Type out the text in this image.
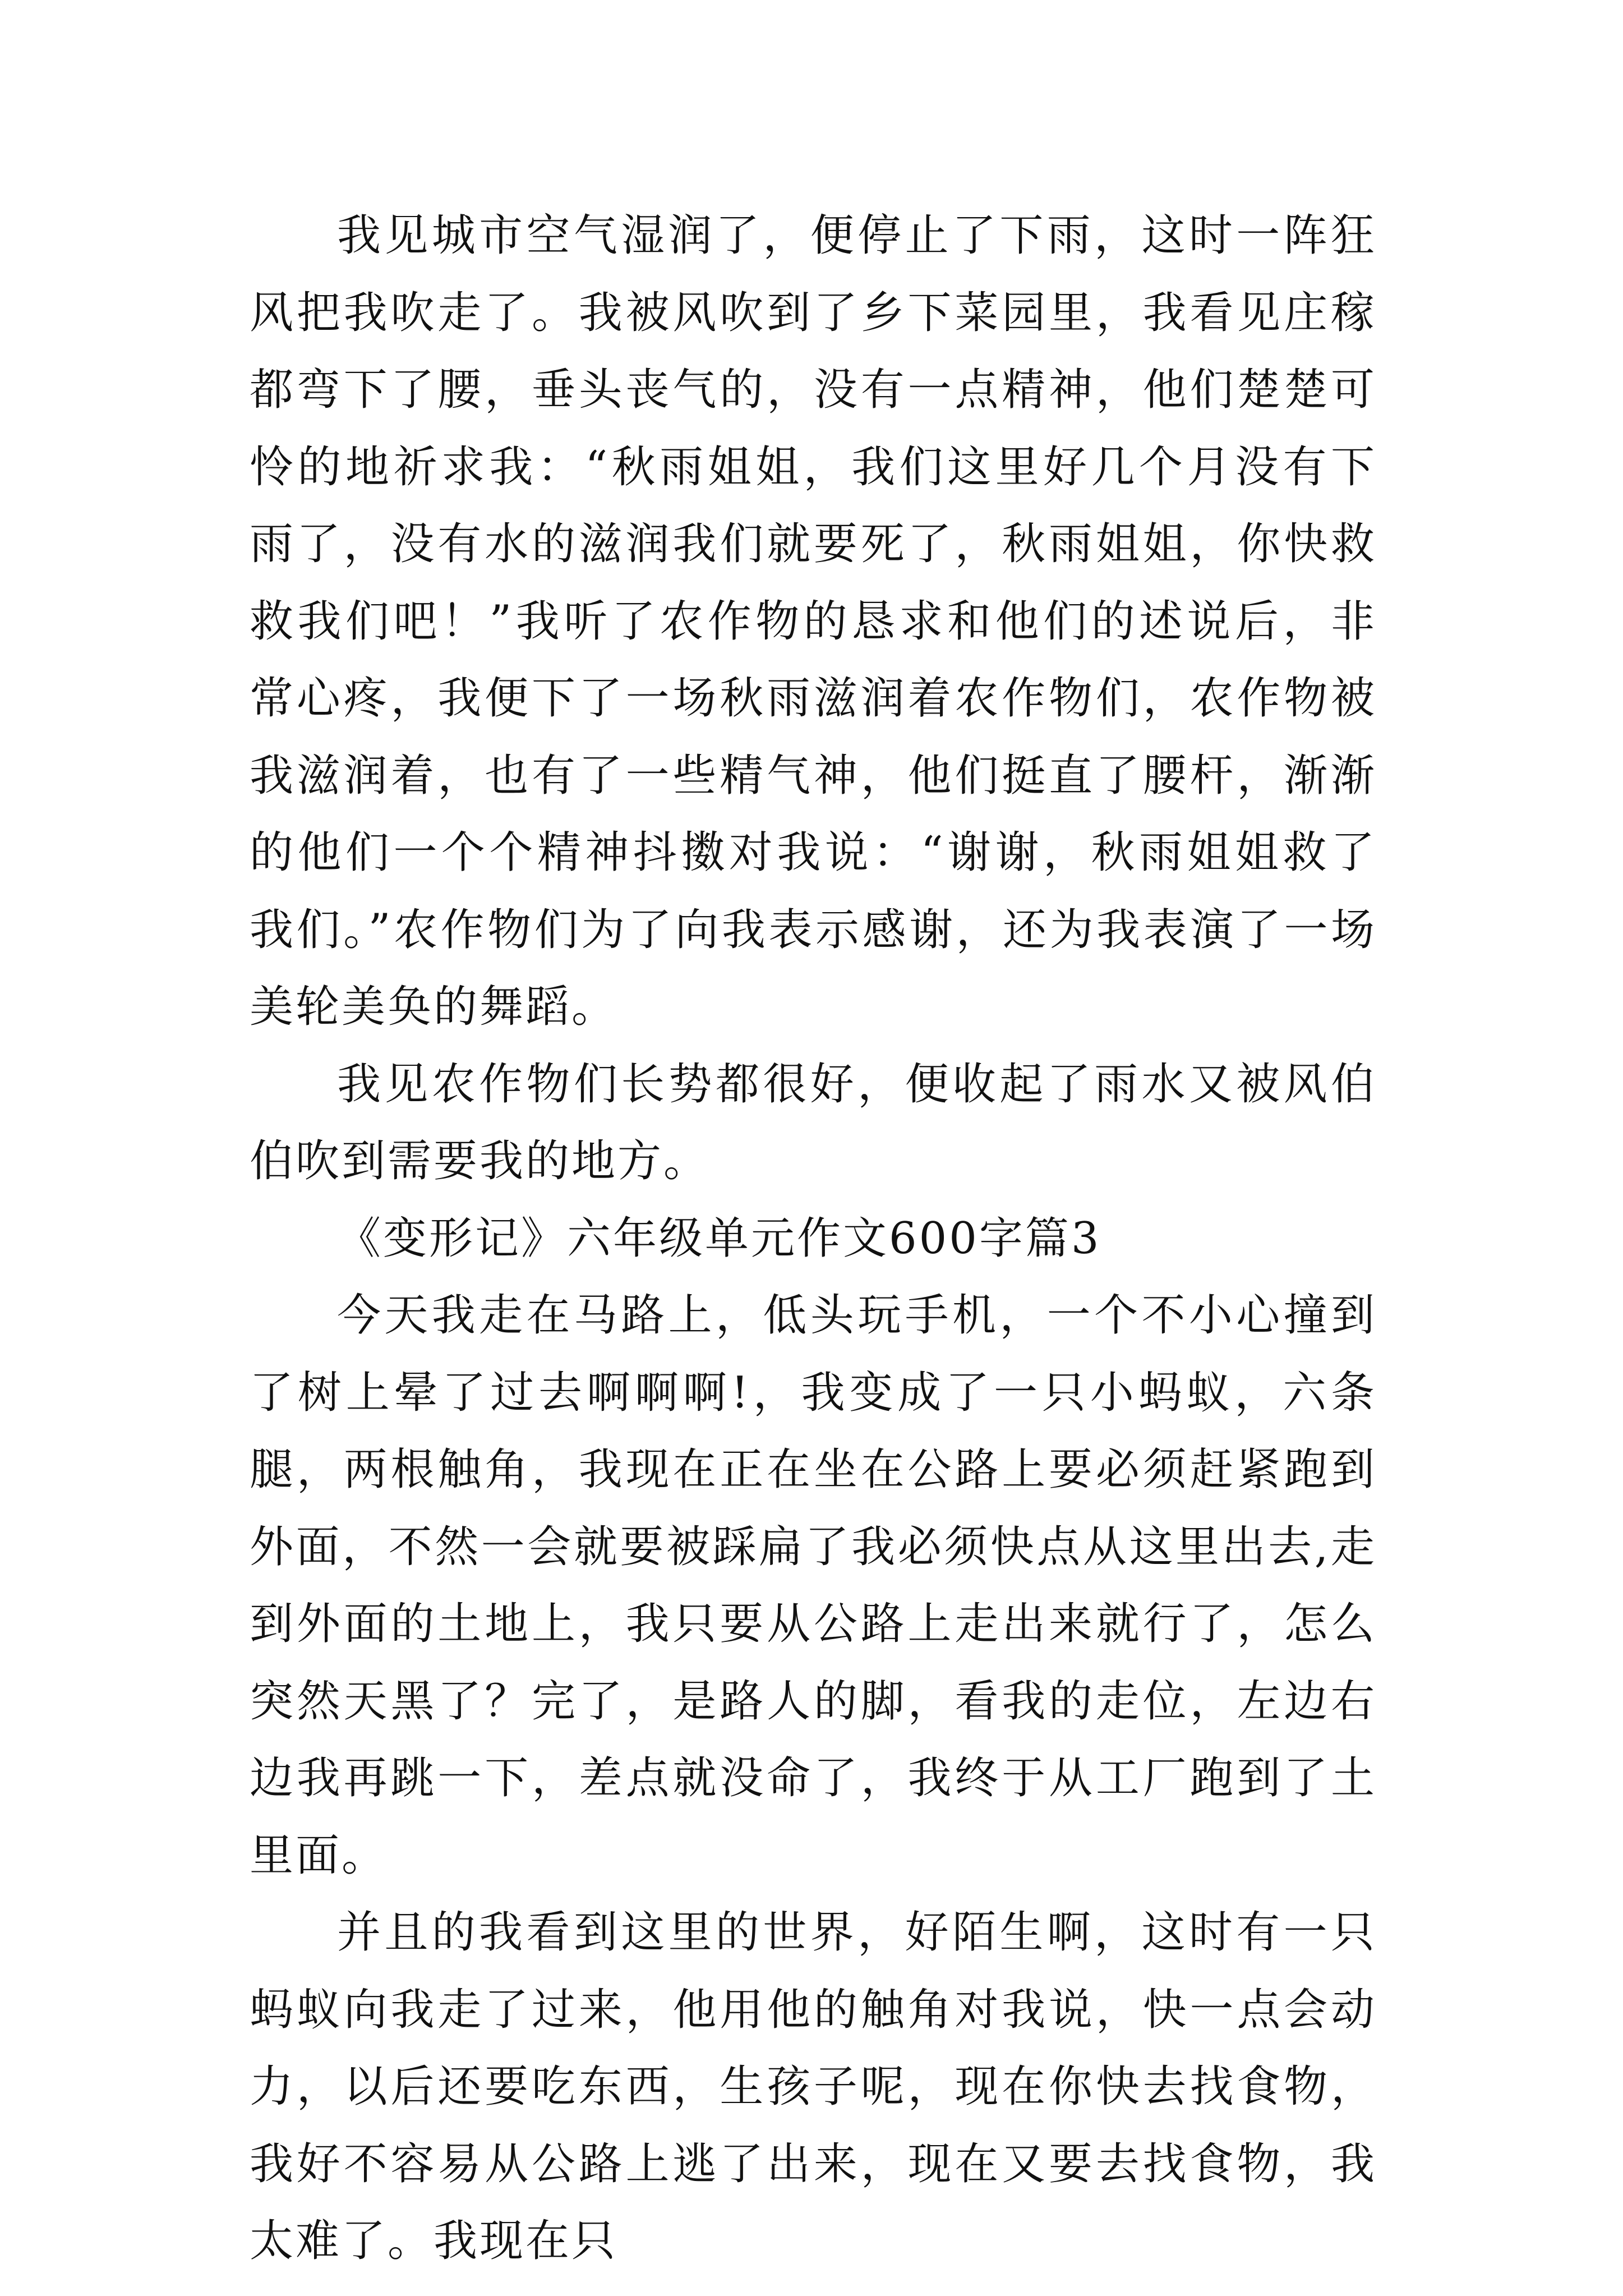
我见城市空气湿润了，便停止了下雨，这时一阵狂风把我吹走了。我被风吹到了乡下菜园里，我看见庄稼都弯下了腰，垂头丧气的，没有一点精神，他们楚楚可怜的地祈求我：“秋雨姐姐，我们这里好几个月没有下雨了，没有水的滋润我们就要死了，秋雨姐姐，你快救救我们吧！”我听了农作物的恳求和他们的述说后，非常心疼，我便下了一场秋雨滋润着农作物们，农作物被我滋润着，也有了一些精气神，他们挺直了腰杆，渐渐的他们一个个精神抖擞对我说：“谢谢，秋雨姐姐救了我们。”农作物们为了向我表示感谢，还为我表演了一场美轮美奂的舞蹈。

我见农作物们长势都很好，便收起了雨水又被风伯伯吹到需要我的地方。

《变形记》六年级单元作文600字篇3

今天我走在马路上，低头玩手机，一个不小心撞到了树上晕了过去啊啊啊!，我变成了一只小蚂蚁，六条腿，两根触角，我现在正在坐在公路上要必须赶紧跑到外面，不然一会就要被踩扁了我必须快点从这里出去,走到外面的土地上，我只要从公路上走出来就行了，怎么突然天黑了？完了，是路人的脚，看我的走位，左边右边我再跳一下，差点就没命了，我终于从工厂跑到了土里面。

并且的我看到这里的世界，好陌生啊，这时有一只蚂蚁向我走了过来，他用他的触角对我说，快一点会动力，以后还要吃东西，生孩子呢，现在你快去找食物，我好不容易从公路上逃了出来，现在又要去找食物，我太难了。我现在只
